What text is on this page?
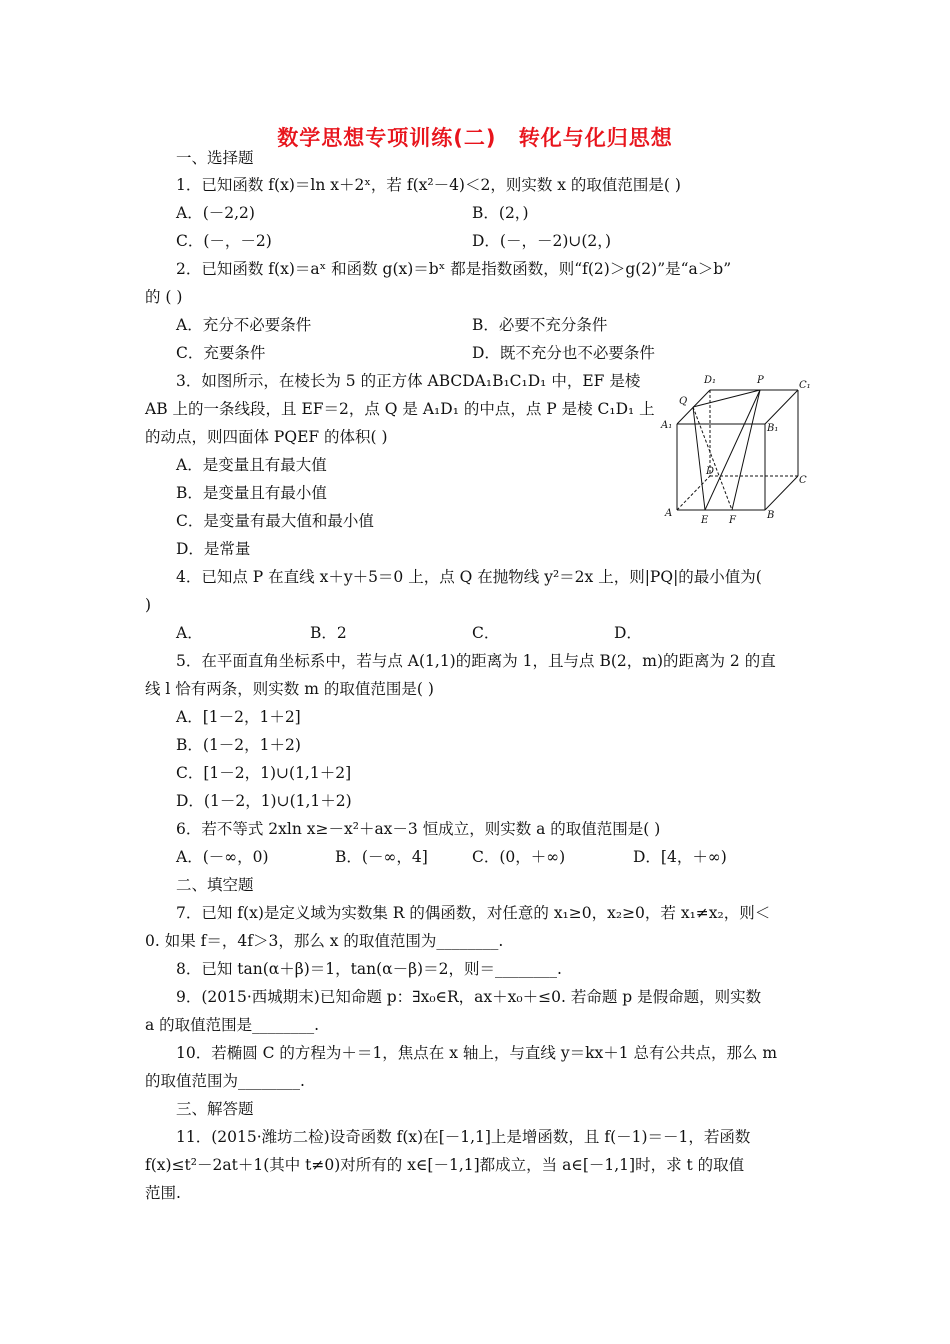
数学思想专项训练(二) 转化与化归思想
一、选择题
1．已知函数 f(x)＝ln x＋2ˣ，若 f(x²－4)＜2，则实数 x 的取值范围是( )
A．(－2,2)	B．(2，)
C．(－，－2)	D．(－，－2)∪(2，)
2．已知函数 f(x)＝aˣ 和函数 g(x)＝bˣ 都是指数函数，则“f(2)＞g(2)”是“a＞b”
的 ( )
A．充分不必要条件	B．必要不充分条件
C．充要条件	D．既不充分也不必要条件
3．如图所示，在棱长为 5 的正方体 ABCDA₁B₁C₁D₁ 中，EF 是棱
AB 上的一条线段，且 EF＝2，点 Q 是 A₁D₁ 的中点，点 P 是棱 C₁D₁ 上
的动点，则四面体 PQEF 的体积( )
A．是变量且有最大值
B．是变量且有最小值
C．是变量有最大值和最小值
D．是常量
D₁	P	C₁
Q
A₁	B₁
D
C
A
E F	B
4．已知点 P 在直线 x＋y＋5＝0 上，点 Q 在抛物线 y²＝2x 上，则|PQ|的最小值为(
)
A．	B．2	C．	D．
5．在平面直角坐标系中，若与点 A(1,1)的距离为 1，且与点 B(2，m)的距离为 2 的直
线 l 恰有两条，则实数 m 的取值范围是( )
A．[1－2，1＋2]
B．(1－2，1＋2)
C．[1－2，1)∪(1,1＋2]
D．(1－2，1)∪(1,1＋2)
6．若不等式 2xln x≥－x²＋ax－3 恒成立，则实数 a 的取值范围是( )
A．(－∞，0)	B．(－∞，4]	C．(0，＋∞)	D．[4，＋∞)
二、填空题
7．已知 f(x)是定义域为实数集 R 的偶函数，对任意的 x₁≥0，x₂≥0，若 x₁≠x₂，则＜
0. 如果 f＝，4f＞3，那么 x 的取值范围为________.
8．已知 tan(α＋β)＝1，tan(α－β)＝2，则＝________.
9．(2015·西城期末)已知命题 p：∃x₀∈R，ax＋x₀＋≤0. 若命题 p 是假命题，则实数
a 的取值范围是________.
10．若椭圆 C 的方程为＋＝1，焦点在 x 轴上，与直线 y＝kx＋1 总有公共点，那么 m
的取值范围为________.
三、解答题
11．(2015·潍坊二检)设奇函数 f(x)在[－1,1]上是增函数，且 f(－1)＝－1，若函数
f(x)≤t²－2at＋1(其中 t≠0)对所有的 x∈[－1,1]都成立，当 a∈[－1,1]时，求 t 的取值
范围.
